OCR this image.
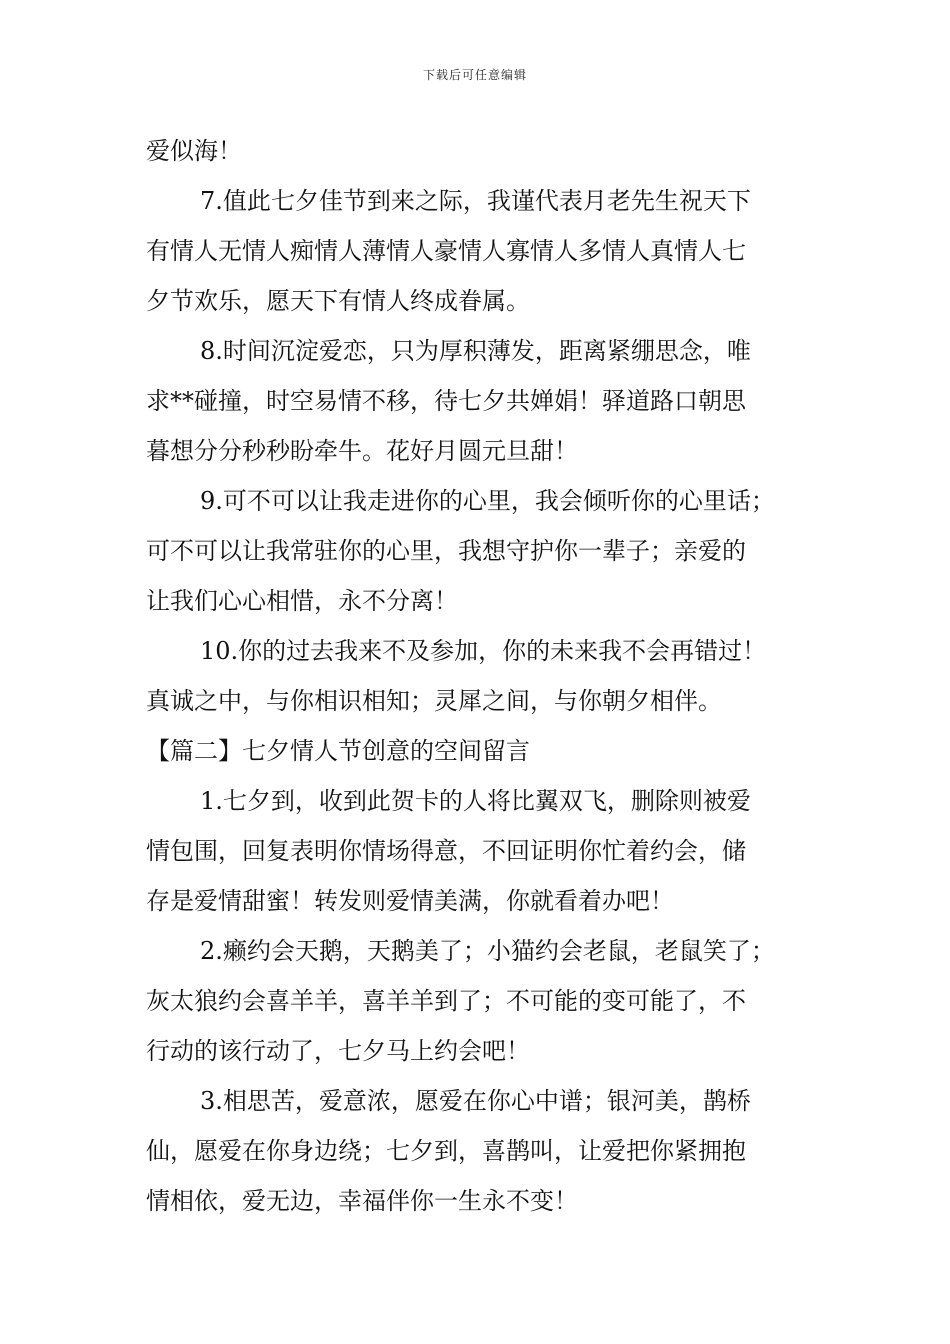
下载后可任意编辑

爱似海！

7.值此七夕佳节到来之际，我谨代表月老先生祝天下

有情人无情人痴情人薄情人豪情人寡情人多情人真情人七

夕节欢乐，愿天下有情人终成眷属。

8.时间沉淀爱恋，只为厚积薄发，距离紧绷思念，唯

求**碰撞，时空易情不移，待七夕共婵娟！驿道路口朝思

暮想分分秒秒盼牵牛。花好月圆元旦甜！

9.可不可以让我走进你的心里，我会倾听你的心里话；

可不可以让我常驻你的心里，我想守护你一辈子；亲爱的

让我们心心相惜，永不分离！

10.你的过去我来不及参加，你的未来我不会再错过！

真诚之中，与你相识相知；灵犀之间，与你朝夕相伴。

【篇二】七夕情人节创意的空间留言

1.七夕到，收到此贺卡的人将比翼双飞，删除则被爱

情包围，回复表明你情场得意，不回证明你忙着约会，储

存是爱情甜蜜！转发则爱情美满，你就看着办吧！

2.癞约会天鹅，天鹅美了；小猫约会老鼠，老鼠笑了；

灰太狼约会喜羊羊，喜羊羊到了；不可能的变可能了，不

行动的该行动了，七夕马上约会吧！

3.相思苦，爱意浓，愿爱在你心中谱；银河美，鹊桥

仙，愿爱在你身边绕；七夕到，喜鹊叫，让爱把你紧拥抱

情相依，爱无边，幸福伴你一生永不变！
